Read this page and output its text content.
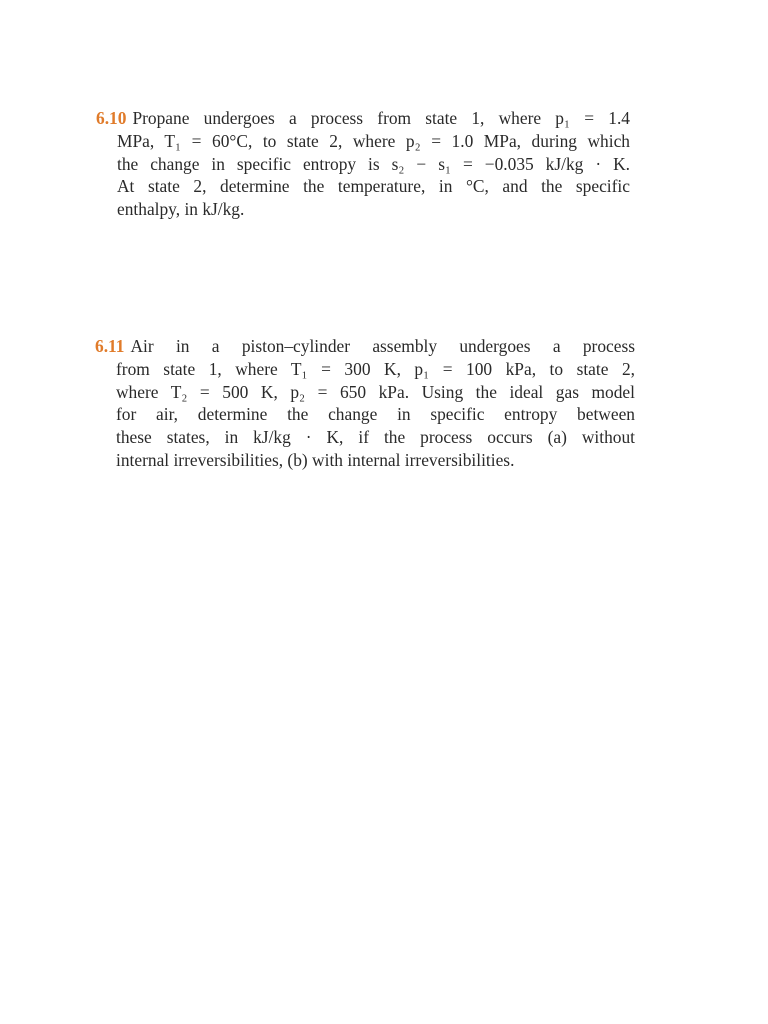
6.10 Propane undergoes a process from state 1, where p₁ = 1.4
MPa, T₁ = 60°C, to state 2, where p₂ = 1.0 MPa, during which
the change in specific entropy is s₂ − s₁ = −0.035 kJ/kg · K.
At state 2, determine the temperature, in °C, and the specific
enthalpy, in kJ/kg.
6.11 Air in a piston–cylinder assembly undergoes a process
from state 1, where T₁ = 300 K, p₁ = 100 kPa, to state 2,
where T₂ = 500 K, p₂ = 650 kPa. Using the ideal gas model
for air, determine the change in specific entropy between
these states, in kJ/kg · K, if the process occurs (a) without
internal irreversibilities, (b) with internal irreversibilities.
